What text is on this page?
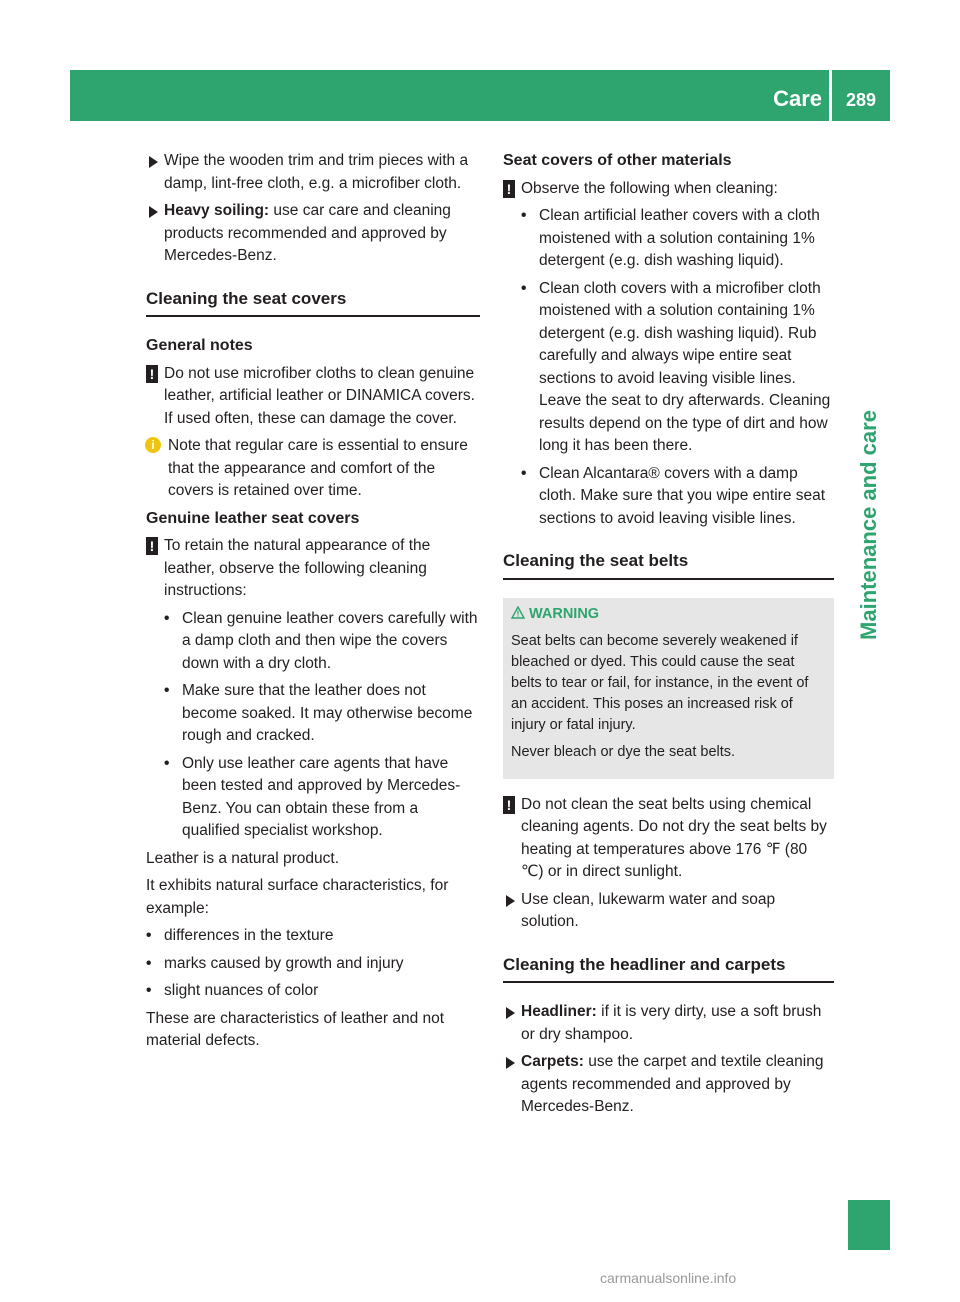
Care	289
Maintenance and care
Wipe the wooden trim and trim pieces with a damp, lint-free cloth, e.g. a microfiber cloth.
Heavy soiling: use car care and cleaning products recommended and approved by Mercedes-Benz.
Cleaning the seat covers
General notes
! Do not use microfiber cloths to clean genuine leather, artificial leather or DINAMICA covers. If used often, these can damage the cover.
i Note that regular care is essential to ensure that the appearance and comfort of the covers is retained over time.
Genuine leather seat covers
! To retain the natural appearance of the leather, observe the following cleaning instructions:
• Clean genuine leather covers carefully with a damp cloth and then wipe the covers down with a dry cloth.
• Make sure that the leather does not become soaked. It may otherwise become rough and cracked.
• Only use leather care agents that have been tested and approved by Mercedes-Benz. You can obtain these from a qualified specialist workshop.

Leather is a natural product.

It exhibits natural surface characteristics, for example:

• differences in the texture
• marks caused by growth and injury
• slight nuances of color

These are characteristics of leather and not material defects.

Seat covers of other materials
! Observe the following when cleaning:
• Clean artificial leather covers with a cloth moistened with a solution containing 1% detergent (e.g. dish washing liquid).
• Clean cloth covers with a microfiber cloth moistened with a solution containing 1% detergent (e.g. dish washing liquid). Rub carefully and always wipe entire seat sections to avoid leaving visible lines. Leave the seat to dry afterwards. Cleaning results depend on the type of dirt and how long it has been there.
• Clean Alcantara® covers with a damp cloth. Make sure that you wipe entire seat sections to avoid leaving visible lines.
Cleaning the seat belts
WARNING

Seat belts can become severely weakened if bleached or dyed. This could cause the seat belts to tear or fail, for instance, in the event of an accident. This poses an increased risk of injury or fatal injury.

Never bleach or dye the seat belts.

! Do not clean the seat belts using chemical cleaning agents. Do not dry the seat belts by heating at temperatures above 176 ℉ (80 ℃) or in direct sunlight.
Use clean, lukewarm water and soap solution.
Cleaning the headliner and carpets
Headliner: if it is very dirty, use a soft brush or dry shampoo.
Carpets: use the carpet and textile cleaning agents recommended and approved by Mercedes-Benz.
carmanualsonline.info
